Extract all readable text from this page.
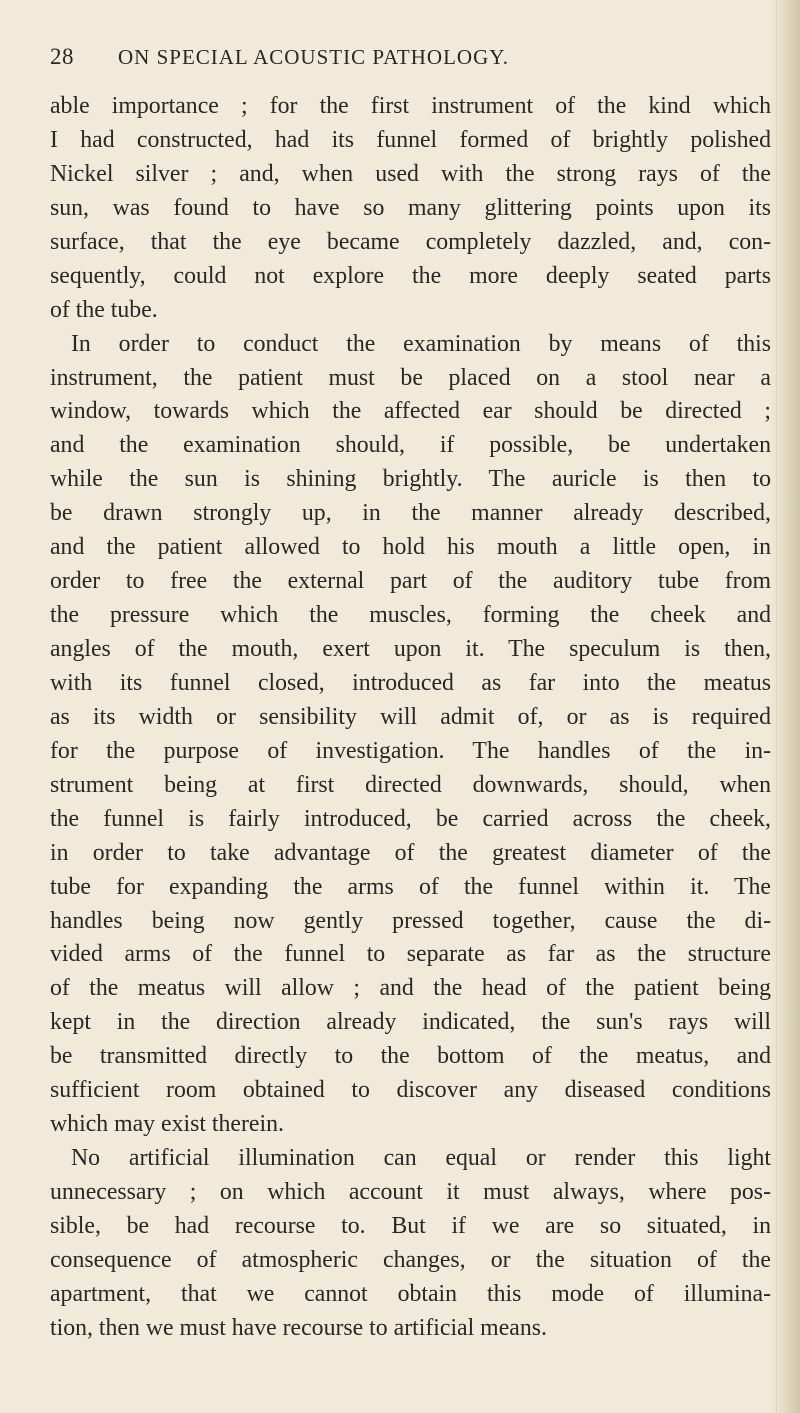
28	ON SPECIAL ACOUSTIC PATHOLOGY.
able importance ; for the first instrument of the kind which
I had constructed, had its funnel formed of brightly polished
Nickel silver ; and, when used with the strong rays of the
sun, was found to have so many glittering points upon its
surface, that the eye became completely dazzled, and, con-
sequently, could not explore the more deeply seated parts
of the tube.
In order to conduct the examination by means of this
instrument, the patient must be placed on a stool near a
window, towards which the affected ear should be directed ;
and the examination should, if possible, be undertaken
while the sun is shining brightly. The auricle is then to
be drawn strongly up, in the manner already described,
and the patient allowed to hold his mouth a little open, in
order to free the external part of the auditory tube from
the pressure which the muscles, forming the cheek and
angles of the mouth, exert upon it. The speculum is then,
with its funnel closed, introduced as far into the meatus
as its width or sensibility will admit of, or as is required
for the purpose of investigation. The handles of the in-
strument being at first directed downwards, should, when
the funnel is fairly introduced, be carried across the cheek,
in order to take advantage of the greatest diameter of the
tube for expanding the arms of the funnel within it. The
handles being now gently pressed together, cause the di-
vided arms of the funnel to separate as far as the structure
of the meatus will allow ; and the head of the patient being
kept in the direction already indicated, the sun's rays will
be transmitted directly to the bottom of the meatus, and
sufficient room obtained to discover any diseased conditions
which may exist therein.
No artificial illumination can equal or render this light
unnecessary ; on which account it must always, where pos-
sible, be had recourse to. But if we are so situated, in
consequence of atmospheric changes, or the situation of the
apartment, that we cannot obtain this mode of illumina-
tion, then we must have recourse to artificial means.
